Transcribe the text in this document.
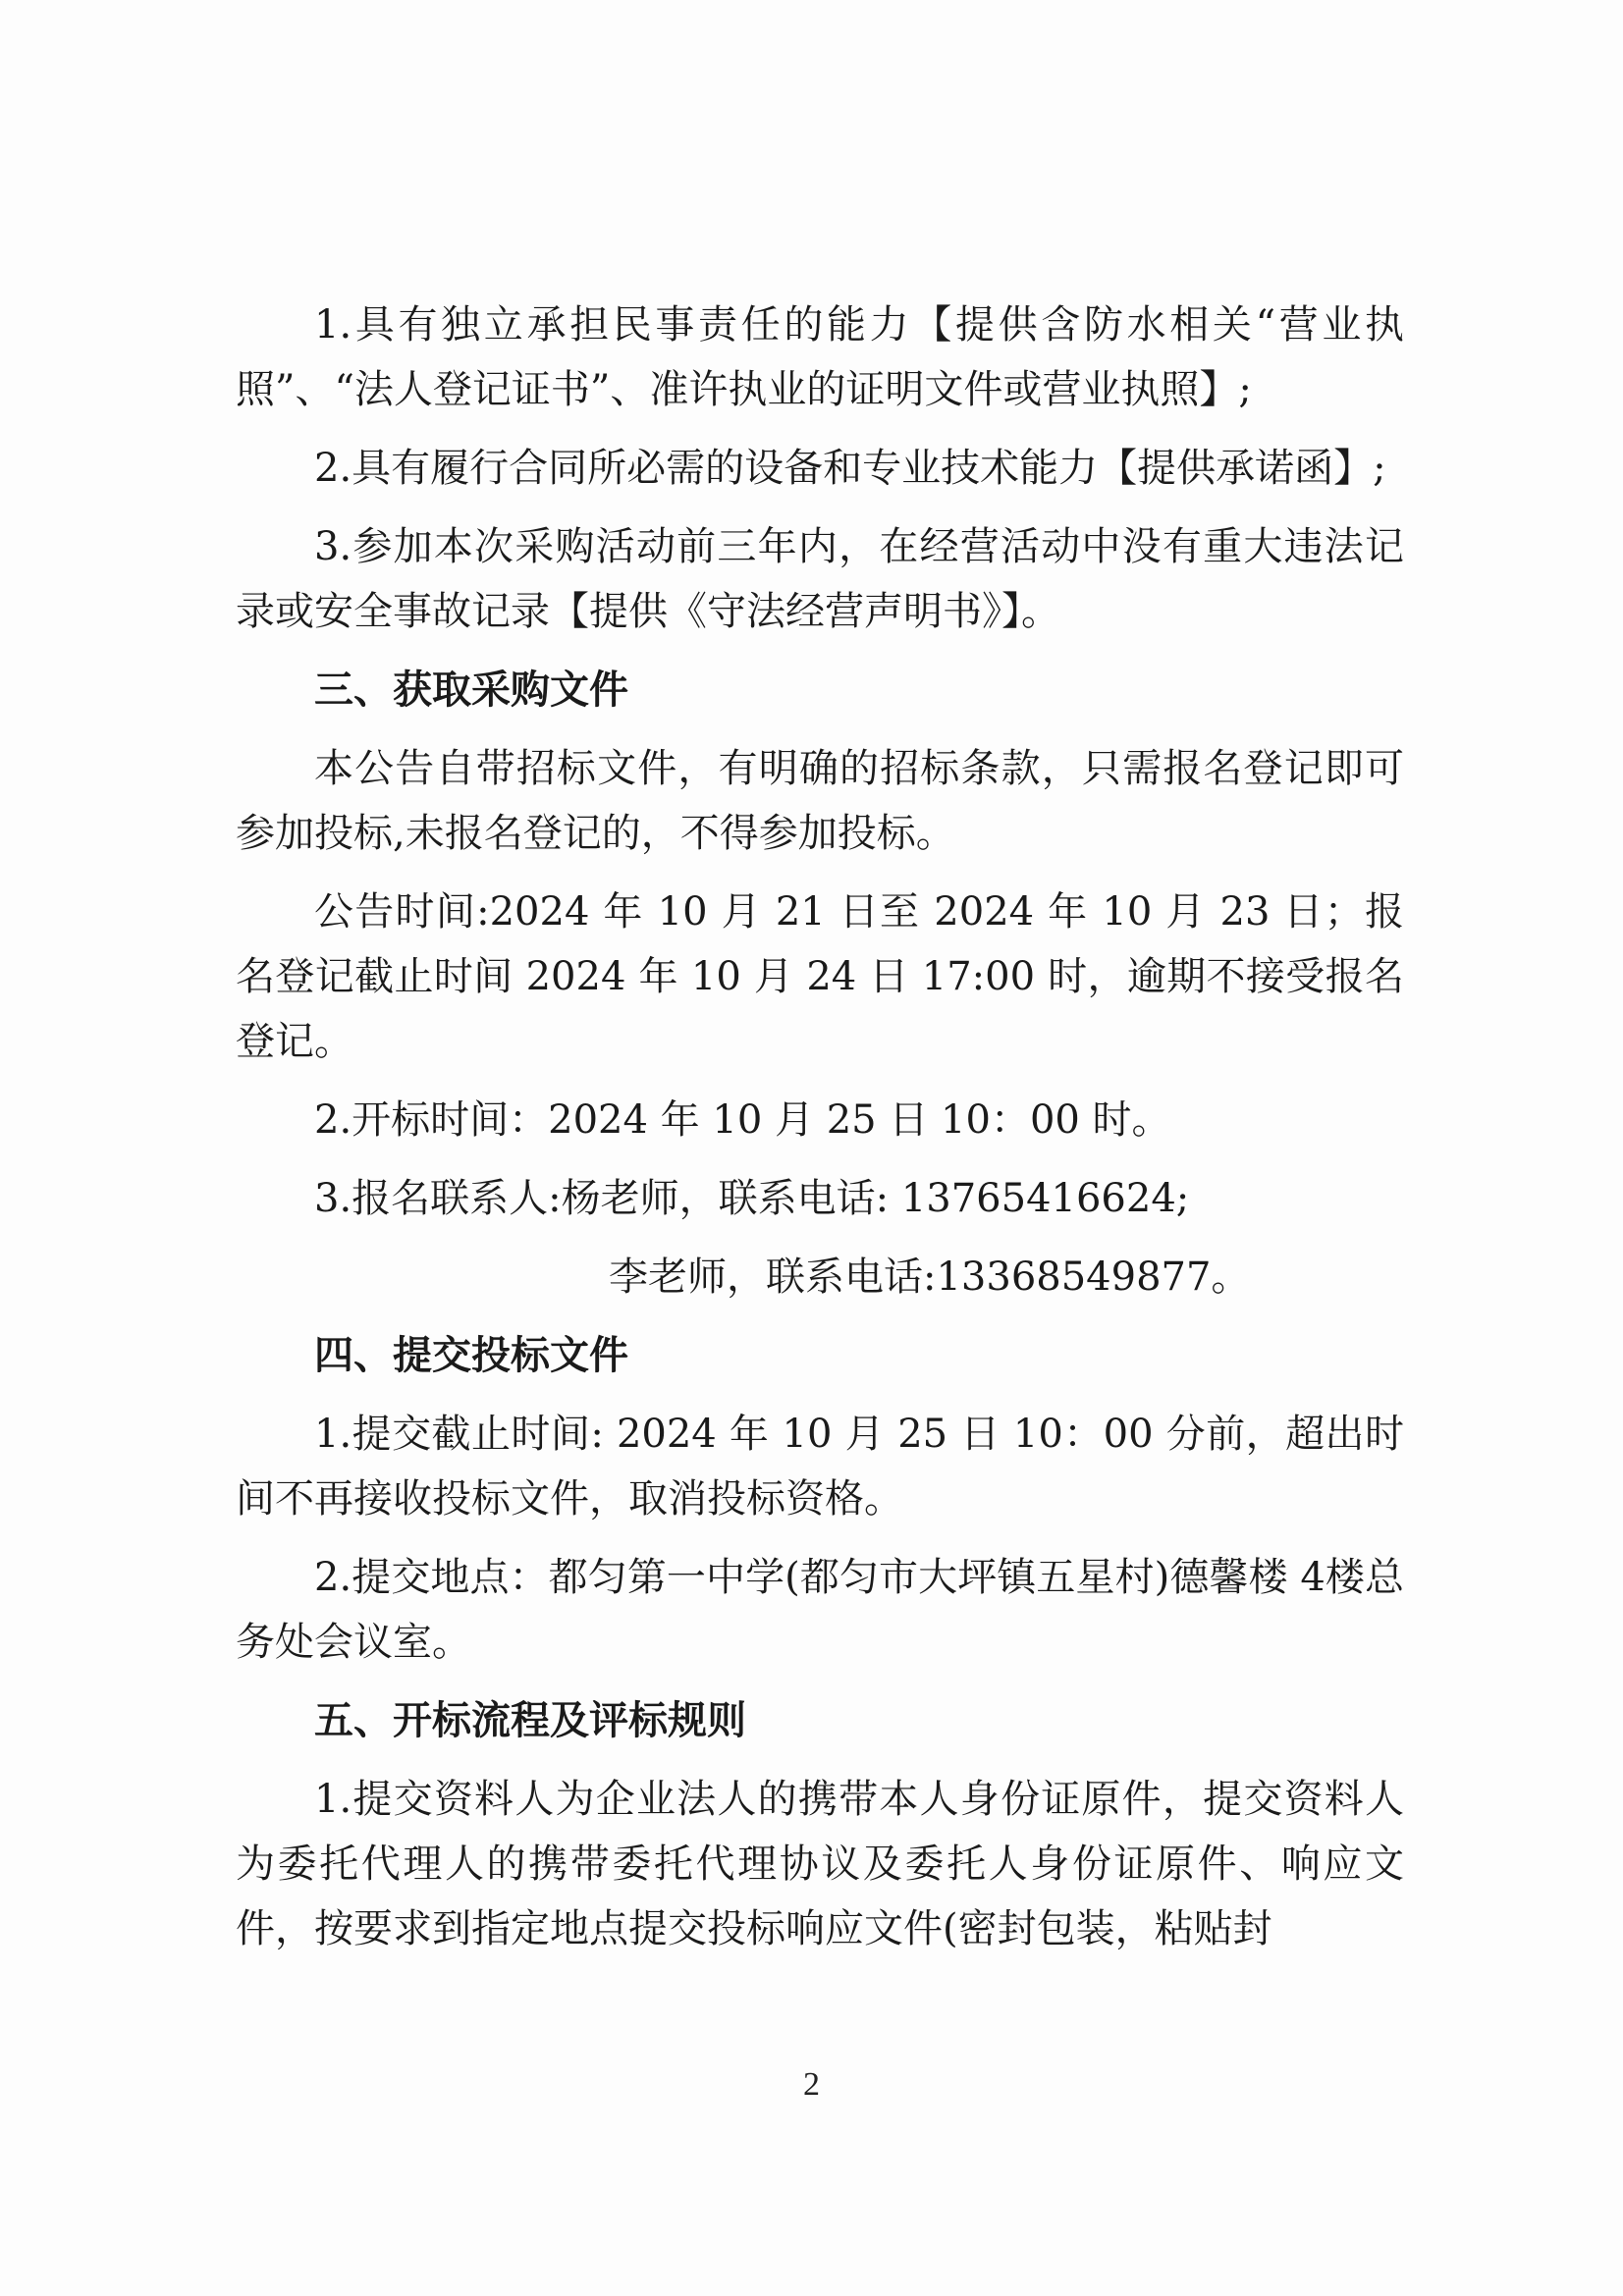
1.具有独立承担民事责任的能力【提供含防水相关“营业执照”、“法人登记证书”、准许执业的证明文件或营业执照】;

2.具有履行合同所必需的设备和专业技术能力【提供承诺函】;

3.参加本次采购活动前三年内，在经营活动中没有重大违法记录或安全事故记录【提供《守法经营声明书》】。

三、获取采购文件

本公告自带招标文件，有明确的招标条款，只需报名登记即可参加投标,未报名登记的，不得参加投标。

公告时间:2024 年 10 月 21 日至 2024 年 10 月 23 日；报名登记截止时间 2024 年 10 月 24 日 17:00 时，逾期不接受报名登记。

2.开标时间：2024 年 10 月 25 日 10：00 时。

3.报名联系人:杨老师，联系电话: 13765416624;

李老师，联系电话:13368549877。

四、提交投标文件

1.提交截止时间: 2024 年 10 月 25 日 10：00 分前，超出时间不再接收投标文件，取消投标资格。

2.提交地点：都匀第一中学(都匀市大坪镇五星村)德馨楼 4楼总务处会议室。

五、开标流程及评标规则

1.提交资料人为企业法人的携带本人身份证原件，提交资料人为委托代理人的携带委托代理协议及委托人身份证原件、响应文件，按要求到指定地点提交投标响应文件(密封包装，粘贴封

2
